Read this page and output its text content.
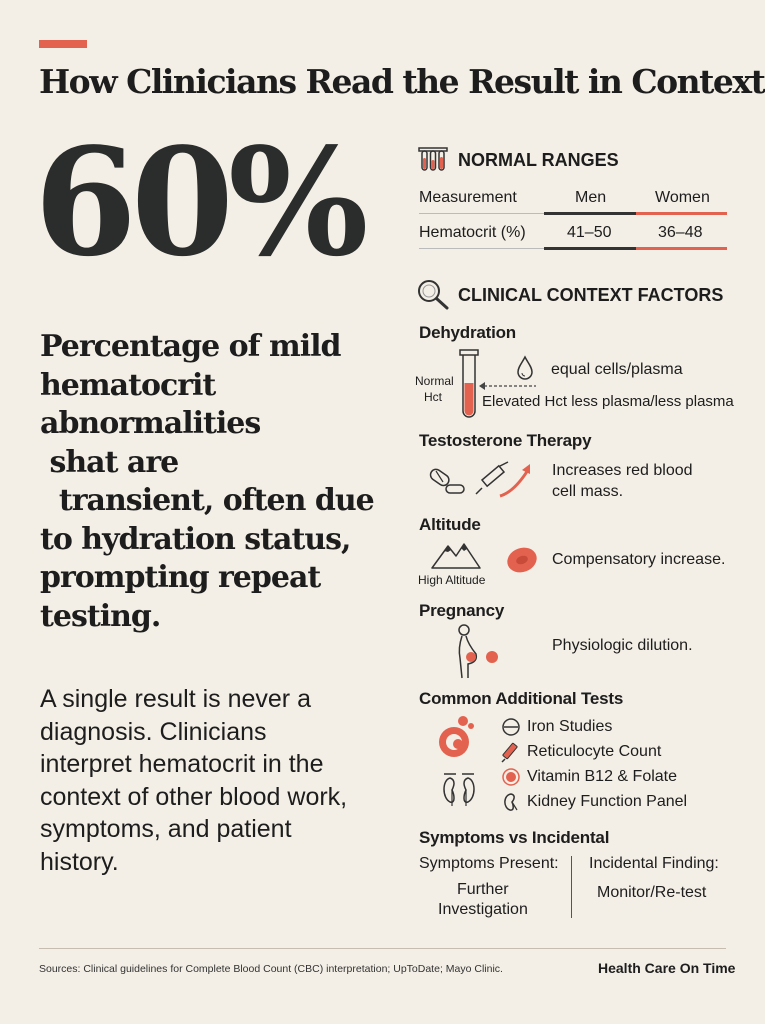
How Clinicians Read the Result in Context
60%
Percentage of mild
hematocrit
abnormalities
shat are
transient, often due
to hydration status,
prompting repeat
testing.
A single result is never a
diagnosis. Clinicians
interpret hematocrit in the
context of other blood work,
symptoms, and patient
history.
NORMAL RANGES
Measurement	Men	Women
Hematocrit (%)	41–50	36–48
CLINICAL CONTEXT FACTORS
Dehydration
Normal
Hct
equal cells/plasma
Elevated Hct less plasma/less plasma
Testosterone Therapy
Increases red blood
cell mass.
Altitude
High Altitude
Compensatory increase.
Pregnancy
Physiologic dilution.
Common Additional Tests
Iron Studies
Reticulocyte Count
Vitamin B12 & Folate
Kidney Function Panel
Symptoms vs Incidental
Symptoms Present:
Further
Investigation
Incidental Finding:
Monitor/Re-test
Sources: Clinical guidelines for Complete Blood Count (CBC) interpretation; UpToDate; Mayo Clinic.	Health Care On Time
